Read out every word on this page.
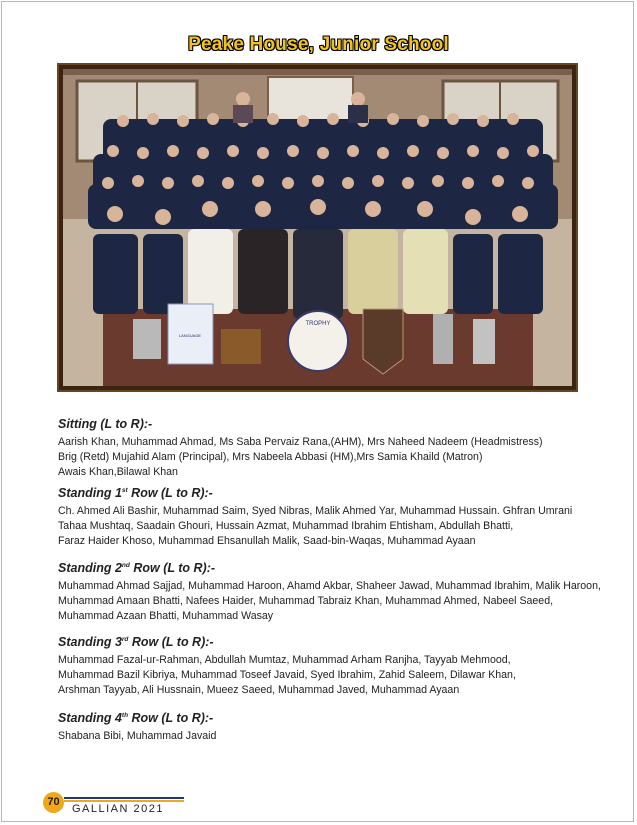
Peake House, Junior School
TROPHY
LANGUAGE
Sitting (L to R):-
Aarish Khan, Muhammad Ahmad, Ms Saba Pervaiz Rana,(AHM), Mrs Naheed Nadeem (Headmistress)
Brig (Retd) Mujahid Alam (Principal), Mrs Nabeela Abbasi (HM),Mrs Samia Khaild (Matron)
Awais Khan,Bilawal Khan
Standing 1st Row (L to R):-
Ch. Ahmed Ali Bashir, Muhammad Saim, Syed Nibras, Malik Ahmed Yar, Muhammad Hussain. Ghfran Umrani
Tahaa Mushtaq, Saadain Ghouri, Hussain Azmat, Muhammad Ibrahim Ehtisham, Abdullah Bhatti,
Faraz Haider Khoso, Muhammad Ehsanullah Malik, Saad-bin-Waqas, Muhammad Ayaan
Standing 2nd Row (L to R):-
Muhammad Ahmad Sajjad, Muhammad Haroon, Ahamd Akbar, Shaheer Jawad, Muhammad Ibrahim, Malik Haroon,
Muhammad Amaan Bhatti, Nafees Haider, Muhammad Tabraiz Khan, Muhammad Ahmed, Nabeel Saeed,
Muhammad Azaan Bhatti, Muhammad Wasay
Standing 3rd Row (L to R):-
Muhammad Fazal-ur-Rahman, Abdullah Mumtaz, Muhammad Arham Ranjha, Tayyab Mehmood,
Muhammad Bazil Kibriya, Muhammad Toseef Javaid, Syed Ibrahim, Zahid Saleem, Dilawar Khan,
Arshman Tayyab, Ali Hussnain, Mueez Saeed, Muhammad Javed, Muhammad Ayaan
Standing 4th Row (L to R):-
Shabana Bibi, Muhammad Javaid
70
GALLIAN 2021
